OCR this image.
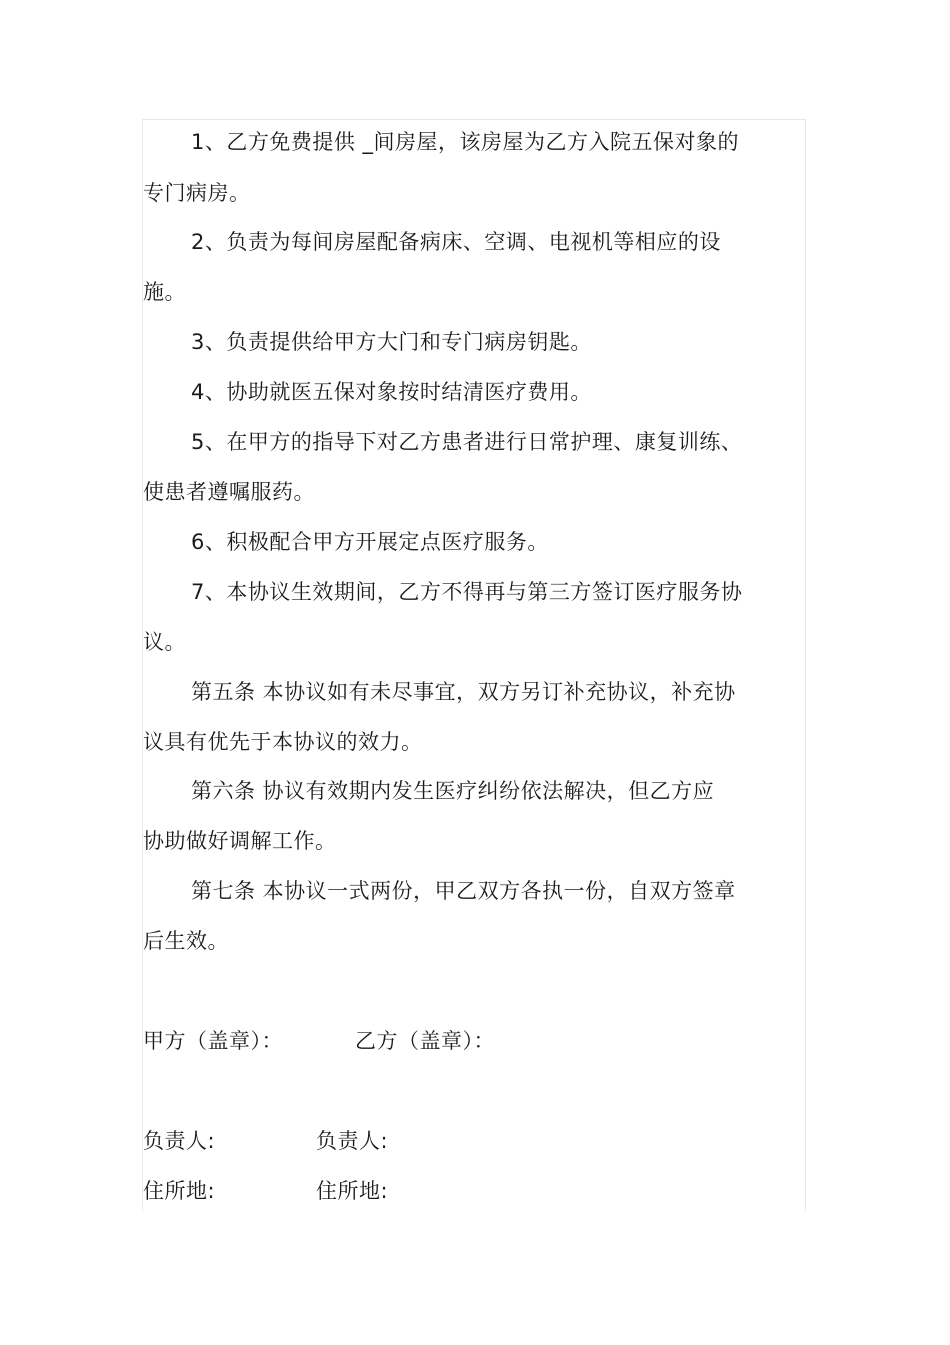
1、乙方免费提供 _间房屋，该房屋为乙方入院五保对象的
专门病房。
2、负责为每间房屋配备病床、空调、电视机等相应的设
施。
3、负责提供给甲方大门和专门病房钥匙。
4、协助就医五保对象按时结清医疗费用。
5、在甲方的指导下对乙方患者进行日常护理、康复训练、
使患者遵嘱服药。
6、积极配合甲方开展定点医疗服务。
7、本协议生效期间，乙方不得再与第三方签订医疗服务协
议。
第五条 本协议如有未尽事宜，双方另订补充协议，补充协
议具有优先于本协议的效力。
第六条 协议有效期内发生医疗纠纷依法解决，但乙方应
协助做好调解工作。
第七条 本协议一式两份，甲乙双方各执一份，自双方签章
后生效。
甲方（盖章）：	乙方（盖章）：
负责人:	负责人:
住所地:	住所地:
